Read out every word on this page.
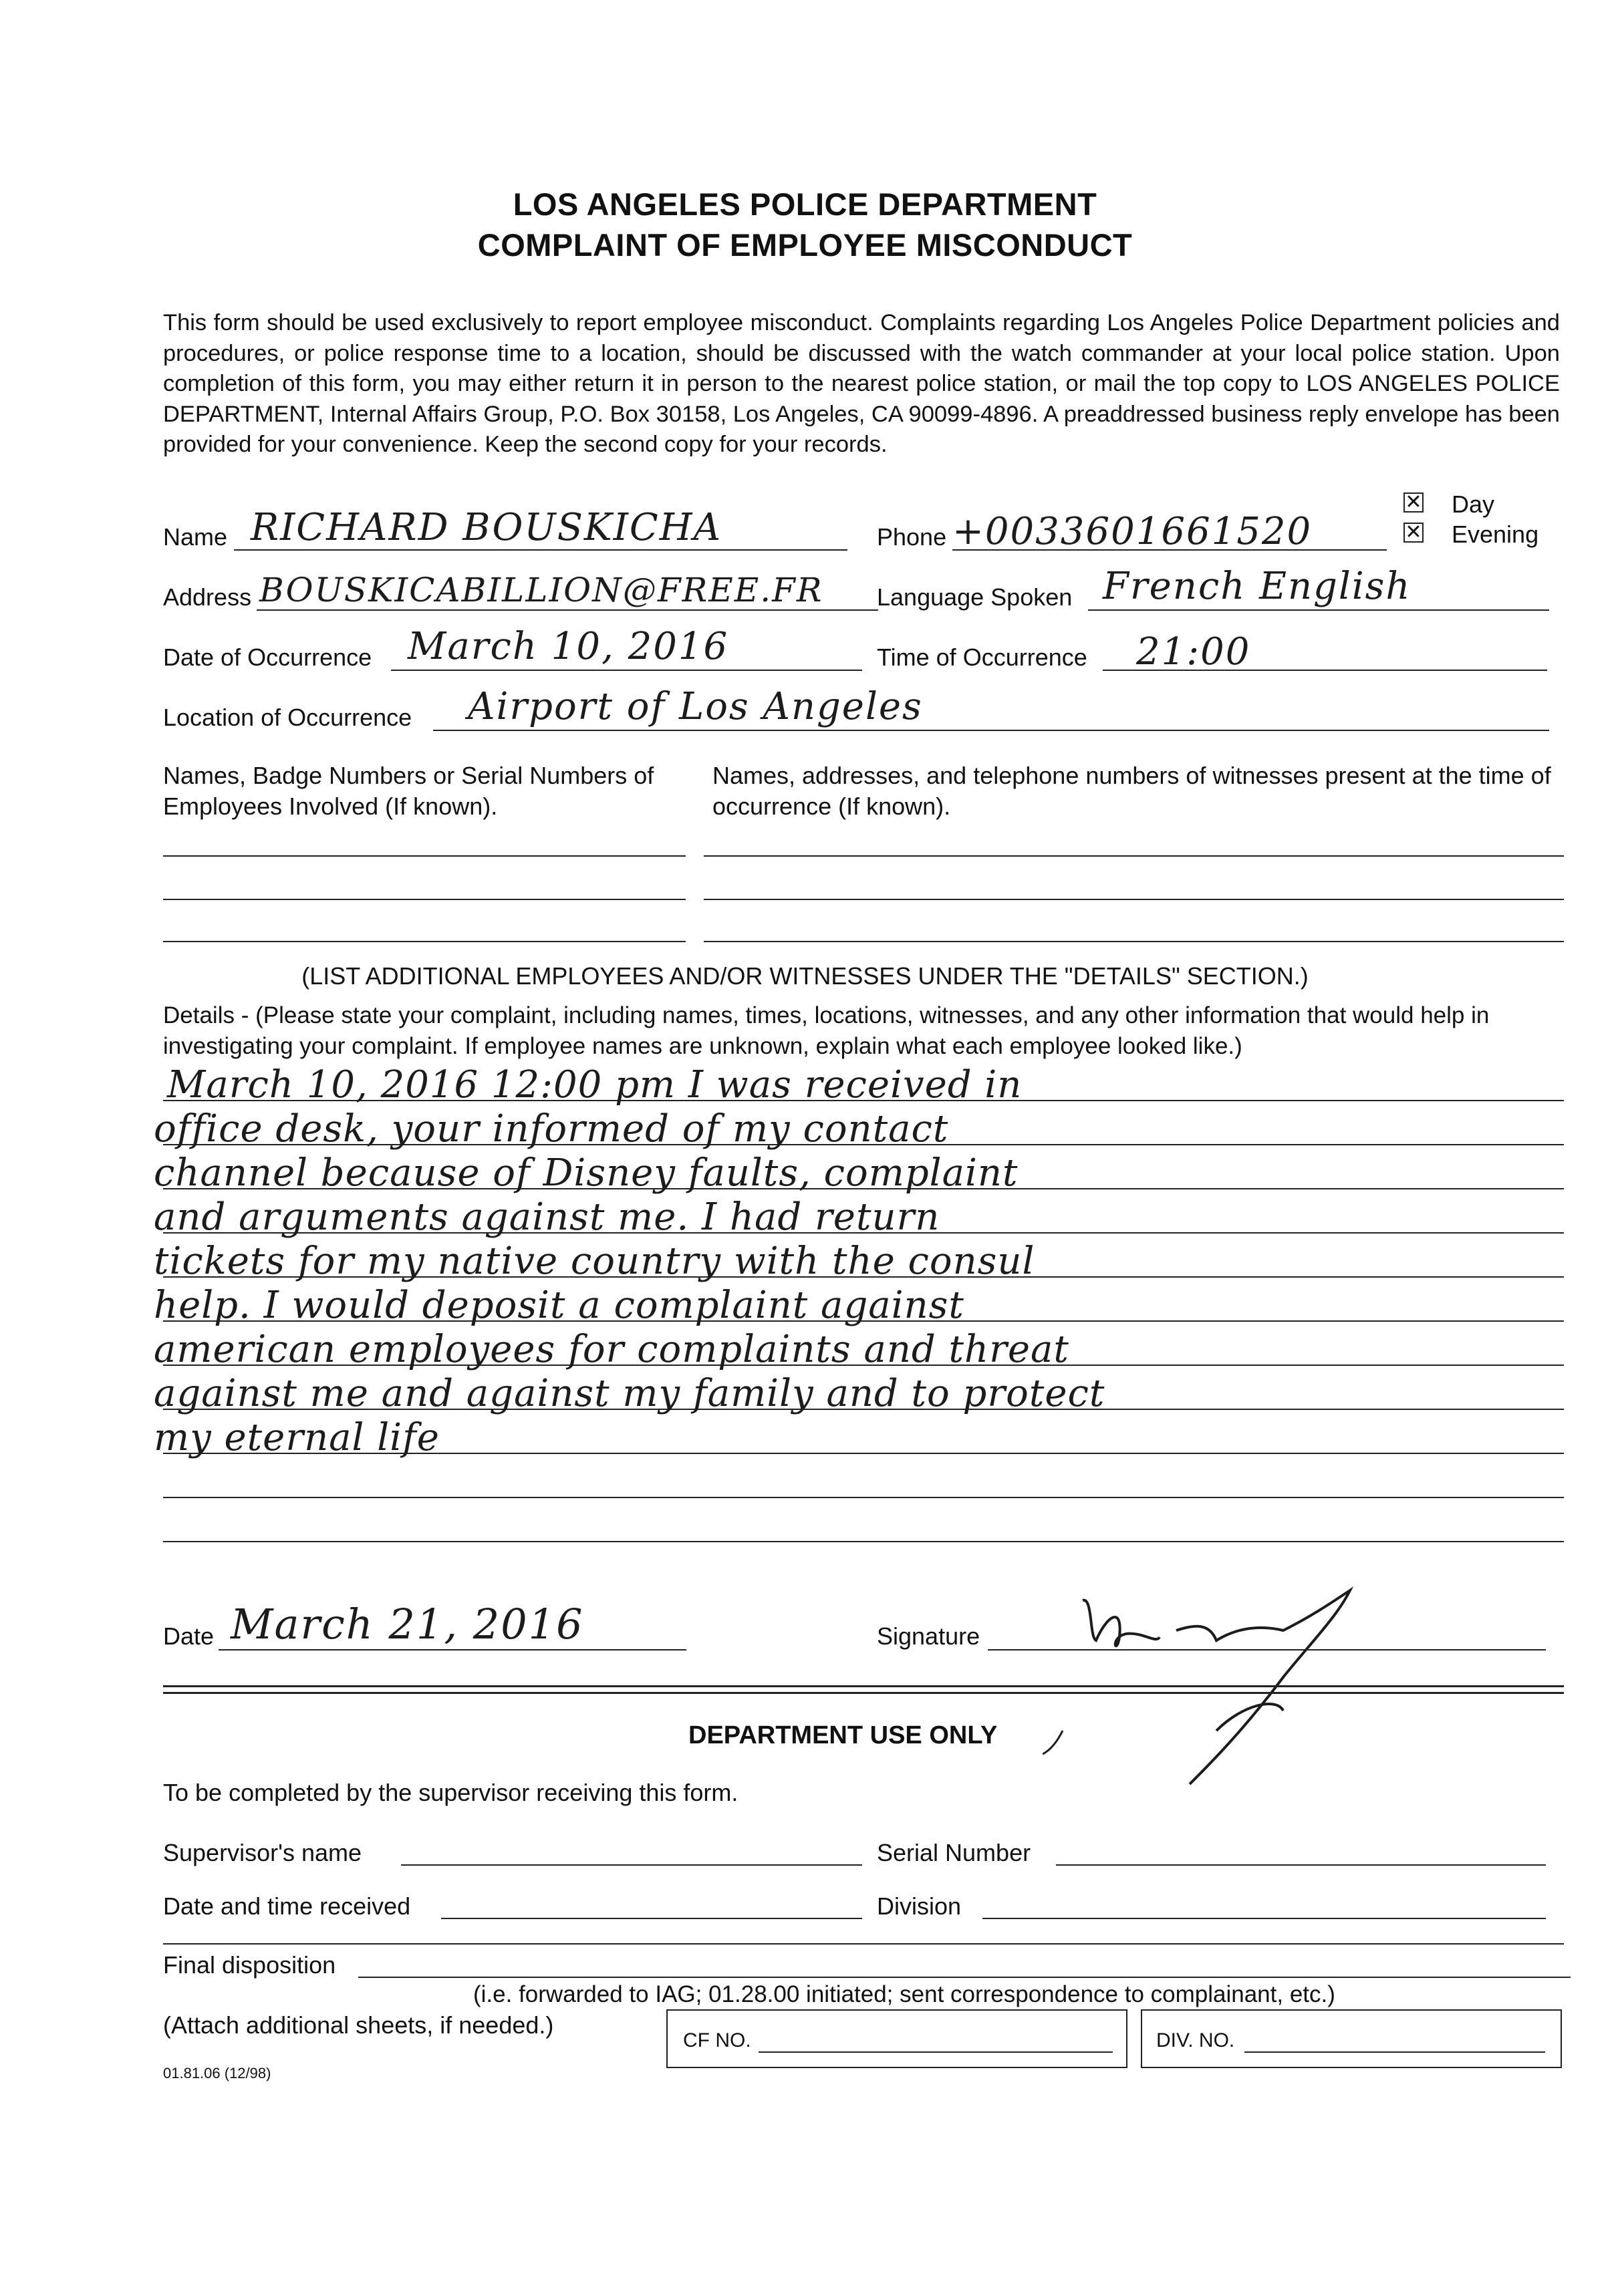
LOS ANGELES POLICE DEPARTMENT
COMPLAINT OF EMPLOYEE MISCONDUCT

This form should be used exclusively to report employee misconduct. Complaints regarding Los Angeles Police Department policies and procedures, or police response time to a location, should be discussed with the watch commander at your local police station. Upon completion of this form, you may either return it in person to the nearest police station, or mail the top copy to LOS ANGELES POLICE DEPARTMENT, Internal Affairs Group, P.O. Box 30158, Los Angeles, CA 90099-4896. A preaddressed business reply envelope has been provided for your convenience. Keep the second copy for your records.

✕ Day
✕ Evening
Name RICHARD BOUSKICHA	Phone +0033601661520
Address BOUSKICABILLION@FREE.FR Language Spoken French English
Date of Occurrence March 10, 2016	Time of Occurrence 21:00
Location of Occurrence Airport of Los Angeles
Names, Badge Numbers or Serial Numbers of Employees Involved (If known).
Names, addresses, and telephone numbers of witnesses present at the time of occurrence (If known).
(LIST ADDITIONAL EMPLOYEES AND/OR WITNESSES UNDER THE "DETAILS" SECTION.)

Details - (Please state your complaint, including names, times, locations, witnesses, and any other information that would help in investigating your complaint. If employee names are unknown, explain what each employee looked like.)

March 10, 2016 12:00 pm I was received in
office desk, your informed of my contact
channel because of Disney faults, complaint
and arguments against me. I had return
tickets for my native country with the consul
help. I would deposit a complaint against
american employees for complaints and threat
against me and against my family and to protect
my eternal life
Date March 21, 2016	Signature
DEPARTMENT USE ONLY
To be completed by the supervisor receiving this form.
Supervisor's name	Serial Number
Date and time received	Division
Final disposition
(i.e. forwarded to IAG; 01.28.00 initiated; sent correspondence to complainant, etc.)
(Attach additional sheets, if needed.)
CF NO.	DIV. NO.
01.81.06 (12/98)
